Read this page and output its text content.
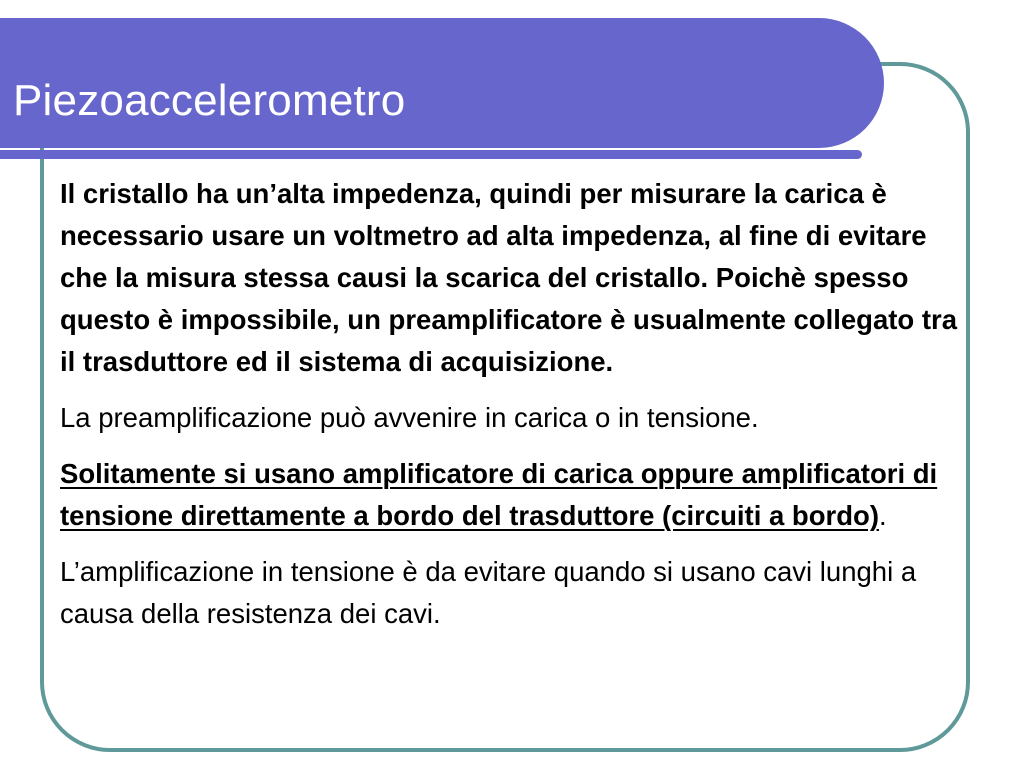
Piezoaccelerometro

Il cristallo ha un’alta impedenza, quindi per misurare la carica è necessario usare un voltmetro ad alta impedenza, al fine di evitare che la misura stessa causi la scarica del cristallo. Poichè spesso questo è impossibile, un preamplificatore è usualmente collegato tra il trasduttore ed il sistema di acquisizione.

La preamplificazione può avvenire in carica o in tensione.

Solitamente si usano amplificatore di carica oppure amplificatori di tensione direttamente a bordo del trasduttore (circuiti a bordo).

L’amplificazione in tensione è da evitare quando si usano cavi lunghi a causa della resistenza dei cavi.
